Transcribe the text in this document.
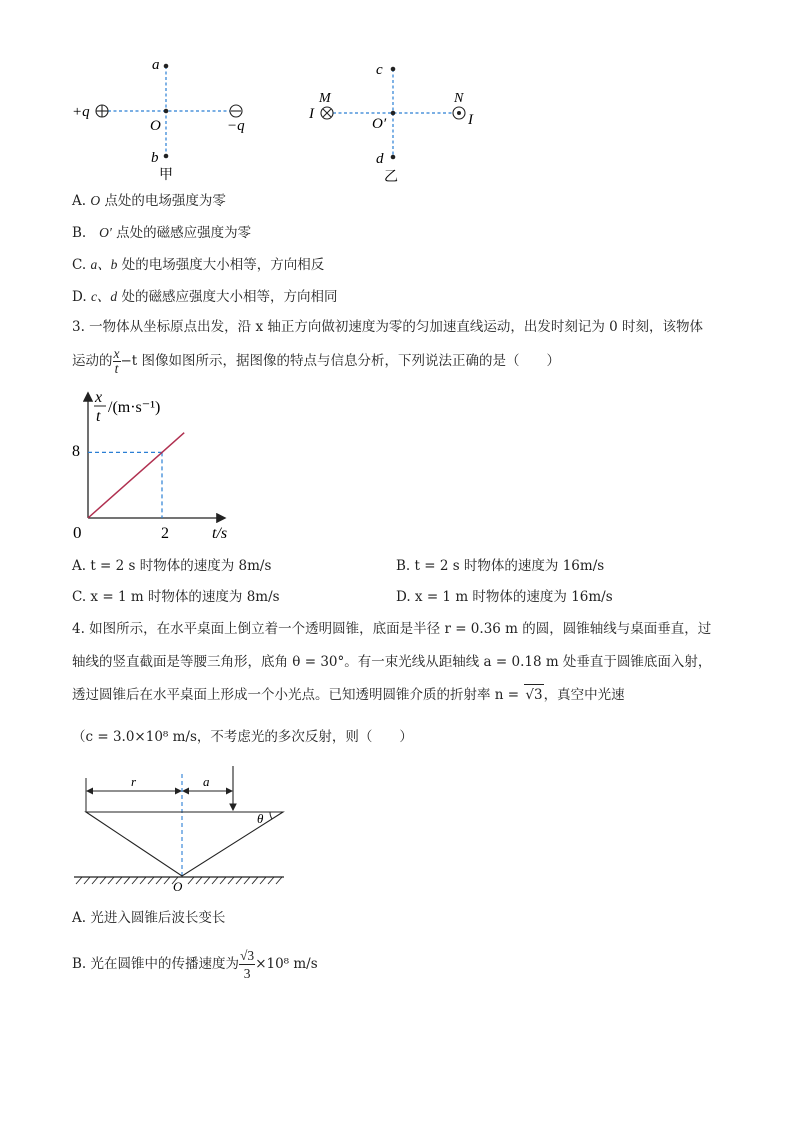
a
O
b
+q
−q
甲
c
M	N
I	I
O′
d
乙
A. O 点处的电场强度为零
B. O′ 点处的磁感应强度为零
C. a、b 处的电场强度大小相等，方向相反
D. c、d 处的磁感应强度大小相等，方向相同
3. 一物体从坐标原点出发，沿 x 轴正方向做初速度为零的匀加速直线运动，出发时刻记为 0 时刻，该物体
运动的 $\frac{x}{t} -t$ 图像如图所示，据图像的特点与信息分析，下列说法正确的是（　　）
x
t
/(m·s⁻¹)
8
0	2	t/s
A. t = 2 s 时物体的速度为 8m/s	B. t = 2 s 时物体的速度为 16m/s
C. x = 1 m 时物体的速度为 8m/s	D. x = 1 m 时物体的速度为 16m/s
4. 如图所示，在水平桌面上倒立着一个透明圆锥，底面是半径 r = 0.36 m 的圆，圆锥轴线与桌面垂直，过
轴线的竖直截面是等腰三角形，底角 θ = 30°。有一束光线从距轴线 a = 0.18 m 处垂直于圆锥底面入射，
透过圆锥后在水平桌面上形成一个小光点。已知透明圆锥介质的折射率 n = √3，真空中光速
（c = 3.0×10⁸ m/s，不考虑光的多次反射，则（　　）
r	a
θ
O
A. 光进入圆锥后波长变长
B. 光在圆锥中的传播速度为 $\frac{√3}{3} \times 10^8$ m/s
